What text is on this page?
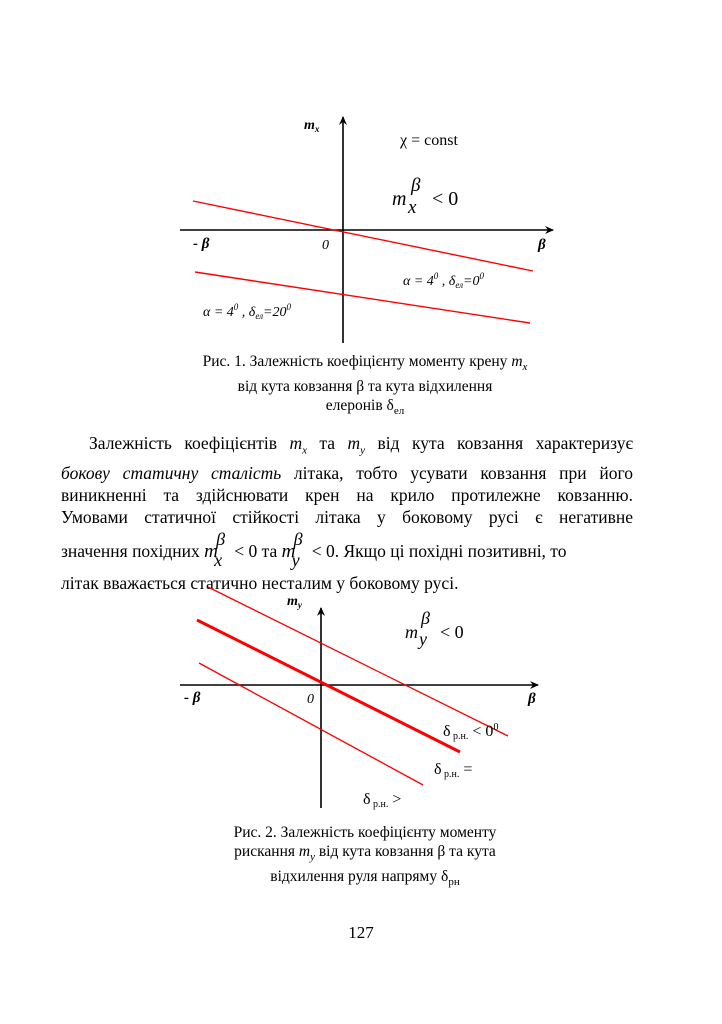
$m_x$
χ = const
m
β
x < 0
- β	0	β
$\alpha = 4^0$ , $\delta_{ел}=0^0$
$\alpha = 4^0$ , $\delta_{ел}=20^0$
Рис. 1. Залежність коефіцієнту моменту крену $m_x$
від кута ковзання β та кута відхилення
елеронів $\delta_{ел}$
Залежність коефіцієнтів $m_x$ та $m_y$ від кута ковзання характеризує
бокову статичну сталість літака, тобто усувати ковзання при його
виникненні та здійснювати крен на крило протилежне ковзанню.
Умовами статичної стійкості літака у боковому русі є негативне
значення похідних m
β
x < 0 та m
β
y < 0. Якщо ці похідні позитивні, то
літак вважається статично несталим у боковому русі.
$m_y$
m
β
y < 0
- β	0	β
δ р.н. < $0^0$
δ р.н. =
δ р.н. >
Рис. 2. Залежність коефіцієнту моменту
рискання $m_y$ від кута ковзання β та кута
відхилення руля напряму $\delta_{рн}$
127
